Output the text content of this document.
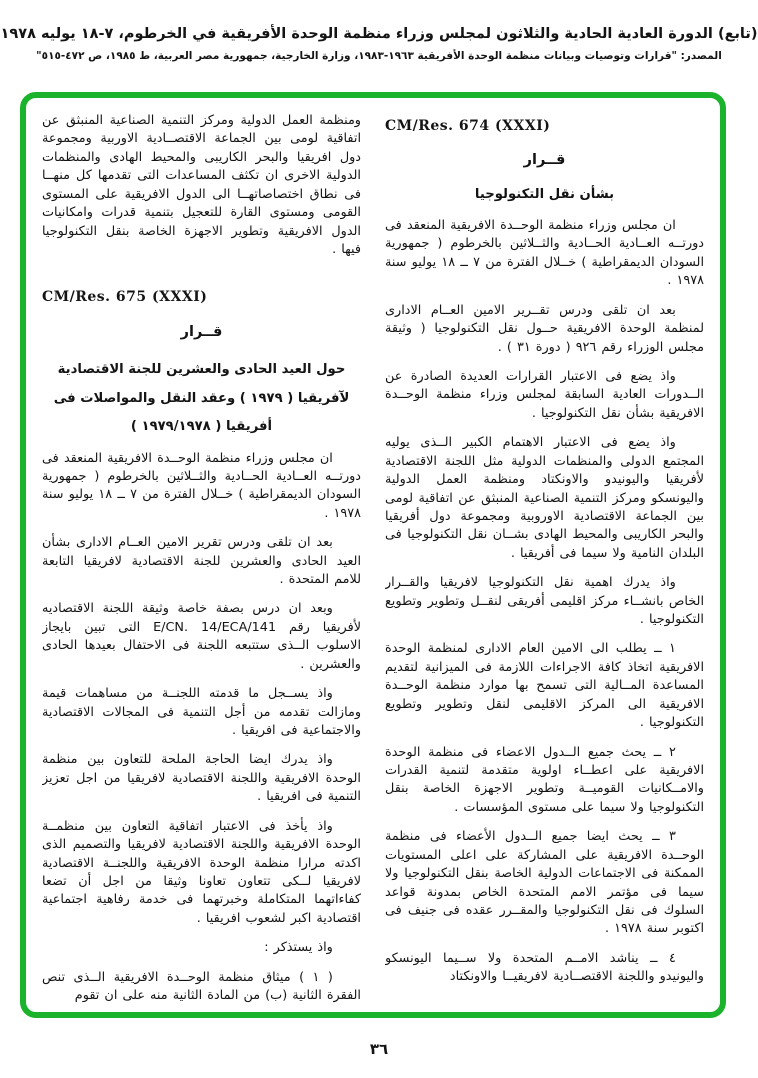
(تابع) الدورة العادية الحادية والثلاثون لمجلس وزراء منظمة الوحدة الأفريقية في الخرطوم، ٧-١٨ يوليه ١٩٧٨
المصدر: "قرارات وتوصيات وبيانات منظمة الوحدة الأفريقية ١٩٦٣-١٩٨٣، وزارة الخارجية، جمهورية مصر العربية، ط ١٩٨٥، ص ٤٧٢-٥١٥"
CM/Res. 674 (XXXI)
قــرار
بشأن نقل التكنولوجيا

ان مجلس وزراء منظمة الوحــدة الافريقية المنعقد فى دورتــه العــادية الحــادية والثــلاثين بالخرطوم ( جمهورية السودان الديمقراطية ) خــلال الفترة من ٧ ــ ١٨ يوليو سنة ١٩٧٨ .

بعد ان تلقى ودرس تقــرير الامين العــام الادارى لمنظمة الوحدة الافريقية حــول نقل التكنولوجيا ( وثيقة مجلس الوزراء رقم ٩٢٦ ( دورة ٣١ ) .

واذ يضع فى الاعتبار القرارات العديدة الصادرة عن الــدورات العادية السابقة لمجلس وزراء منظمة الوحــدة الافريقية بشأن نقل التكنولوجيا .

واذ يضع فى الاعتبار الاهتمام الكبير الــذى يوليه المجتمع الدولى والمنظمات الدولية مثل اللجنة الاقتصادية لأفريقيا واليونيدو والاونكتاد ومنظمة العمل الدولية واليونسكو ومركز التنمية الصناعية المنبثق عن اتفاقية لومى بين الجماعة الاقتصادية الاوروبية ومجموعة دول أفريقيا والبحر الكاريبى والمحيط الهادى بشــان نقل التكنولوجيا فى البلدان النامية ولا سيما فى أفريقيا .

واذ يدرك اهمية نقل التكنولوجيا لافريقيا والقــرار الخاص بانشــاء مركز اقليمى أفريقى لنقــل وتطوير وتطويع التكنولوجيا .

١ ــ يطلب الى الامين العام الادارى لمنظمة الوحدة الافريقية اتخاذ كافة الاجراءات اللازمة فى الميزانية لتقديم المساعدة المــالية التى تسمح بها موارد منظمة الوحــدة الافريقية الى المركز الاقليمى لنقل وتطوير وتطويع التكنولوجيا .

٢ ــ يحث جميع الــدول الاعضاء فى منظمة الوحدة الافريقية على اعطــاء اولوية متقدمة لتنمية القدرات والامــكانيات القوميــة وتطوير الاجهزة الخاصة بنقل التكنولوجيا ولا سيما على مستوى المؤسسات .

٣ ــ يحث ايضا جميع الــدول الأعضاء فى منظمة الوحــدة الافريقية على المشاركة على اعلى المستويات الممكنة فى الاجتماعات الدولية الخاصة بنقل التكنولوجيا ولا سيما فى مؤتمر الامم المتحدة الخاص بمدونة قواعد السلوك فى نقل التكنولوجيا والمقــرر عقده فى جنيف فى اكتوبر سنة ١٩٧٨ .

٤ ــ يناشد الامــم المتحدة ولا ســيما اليونسكو واليونيدو واللجنة الاقتصــادية لافريقيــا والاونكتاد

ومنظمة العمل الدولية ومركز التنمية الصناعية المنبثق عن اتفاقية لومى بين الجماعة الاقتصــادية الاوربية ومجموعة دول افريقيا والبحر الكاريبى والمحيط الهادى والمنظمات الدولية الاخرى ان تكثف المساعدات التى تقدمها كل منهــا فى نطاق اختصاصاتهــا الى الدول الافريقية على المستوى القومى ومستوى القارة للتعجيل بتنمية قدرات وامكانيات الدول الافريقية وتطوير الاجهزة الخاصة بنقل التكنولوجيا فيها .

CM/Res. 675 (XXXI)
قــرار
حول العيد الحادى والعشرين للجنة الاقتصادية لآفريقيا ( ١٩٧٩ ) وعقد النقل والمواصلات فى أفريقيا ( ١٩٧٩/١٩٧٨ )

ان مجلس وزراء منظمة الوحــدة الافريقية المنعقد فى دورتــه العــادية الحــادية والثــلاثين بالخرطوم ( جمهورية السودان الديمقراطية ) خــلال الفترة من ٧ ــ ١٨ يوليو سنة ١٩٧٨ .

بعد ان تلقى ودرس تقرير الامين العــام الادارى بشأن العيد الحادى والعشرين للجنة الاقتصادية لافريقيا التابعة للامم المتحدة .

وبعد ان درس بصفة خاصة وثيقة اللجنة الاقتصاديه لأفريقيا رقم E/CN. 14/ECA/141 التى تبين بايجاز الاسلوب الــذى ستتبعه اللجنة فى الاحتفال بعيدها الحادى والعشرين .

واذ يســجل ما قدمته اللجنــة من مساهمات قيمة ومازالت تقدمه من أجل التنمية فى المجالات الاقتصادية والاجتماعية فى افريقيا .

واذ يدرك ايضا الحاجة الملحة للتعاون بين منظمة الوحدة الافريقية واللجنة الاقتصادية لافريقيا من اجل تعزيز التنمية فى افريقيا .

واذ يأخذ فى الاعتبار اتفاقية التعاون بين منظمــة الوحدة الافريقية واللجنة الاقتصادية لافريقيا والتصميم الذى اكدته مرارا منظمة الوحدة الافريقية واللجنــة الاقتصادية لافريقيا لــكى تتعاون تعاونا وثيقا من اجل أن تضعا كفاءاتهما المتكاملة وخبرتهما فى خدمة رفاهية اجتماعية اقتصادية اكبر لشعوب افريقيا .

واذ يستذكر :

( ١ ) ميثاق منظمة الوحــدة الافريقية الــذى تنص الفقرة الثانية (ب) من المادة الثانية منه على ان تقوم

٣٦
